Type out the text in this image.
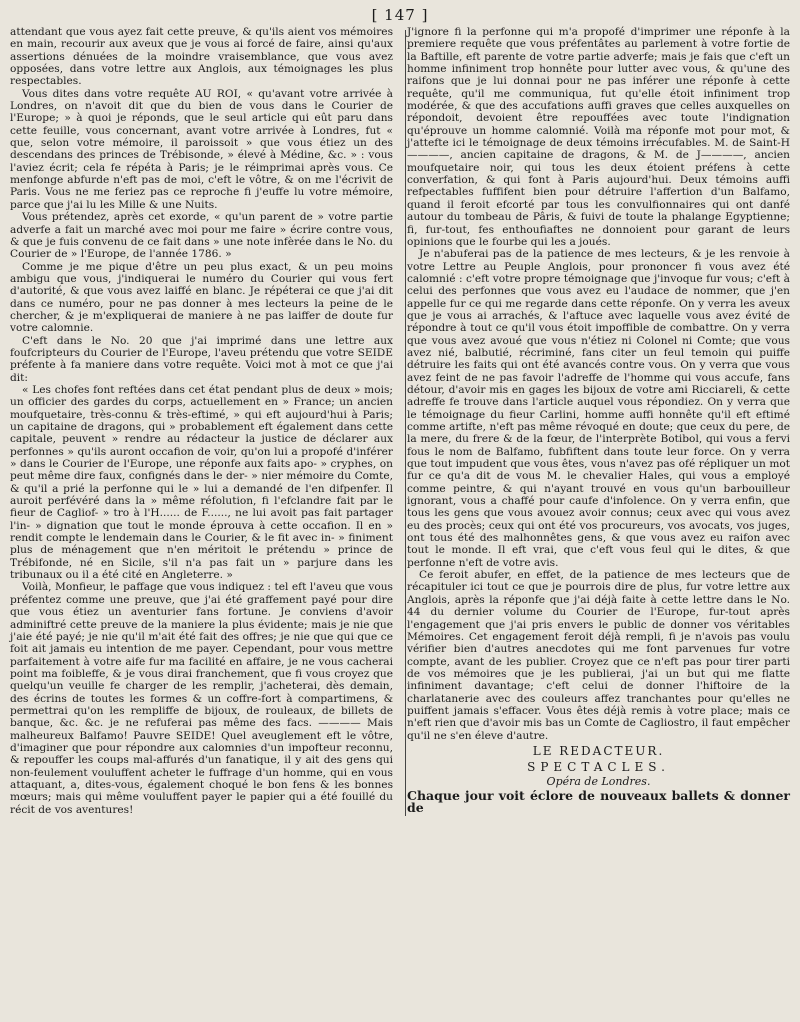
[ 147 ]

attendant que vous ayez fait cette preuve, & qu'ils aient vos mémoires en main, recourir aux aveux que je vous ai forcé de faire, ainsi qu'aux assertions dénuées de la moindre vraisemblance, que vous avez opposées, dans votre lettre aux Anglois, aux témoignages les plus respectables.

Vous dites dans votre requête AU ROI, « qu'avant votre arrivée à Londres, on n'avoit dit que du bien de vous dans le Courier de l'Europe; » à quoi je réponds, que le seul article qui eût paru dans cette feuille, vous concernant, avant votre arrivée à Londres, fut « que, selon votre mémoire, il paroissoit » que vous étiez un des descendans des princes de Trébisonde, » élevé à Médine, &c. » : vous l'aviez écrit; cela fe répéta à Paris; je le réimprimai après vous. Ce menfonge abfurde n'eft pas de moi, c'eft le vôtre, & on me l'écrivit de Paris. Vous ne me feriez pas ce reproche fi j'euffe lu votre mémoire, parce que j'ai lu les Mille & une Nuits.

Vous prétendez, après cet exorde, « qu'un parent de » votre partie adverfe a fait un marché avec moi pour me faire » écrire contre vous, & que je fuis convenu de ce fait dans » une note infèrée dans le No. du Courier de » l'Europe, de l'année 1786. »

Comme je me pique d'être un peu plus exact, & un peu moins ambigu que vous, j'indiquerai le numéro du Courier qui vous fert d'autorité, & que vous avez laiffé en blanc. Je répéterai ce que j'ai dit dans ce numéro, pour ne pas donner à mes lecteurs la peine de le chercher, & je m'expliquerai de maniere à ne pas laiffer de doute fur votre calomnie.

C'eft dans le No. 20 que j'ai imprimé dans une lettre aux foufcripteurs du Courier de l'Europe, l'aveu prétendu que votre SEIDE préfente à fa maniere dans votre requête. Voici mot à mot ce que j'ai dit:

« Les chofes font reftées dans cet état pendant plus de deux » mois; un officier des gardes du corps, actuellement en » France; un ancien moufquetaire, très-connu & très-eftimé, » qui eft aujourd'hui à Paris; un capitaine de dragons, qui » probablement eft également dans cette capitale, peuvent » rendre au rédacteur la justice de déclarer aux perfonnes » qu'ils auront occafion de voir, qu'on lui a propofé d'inférer » dans le Courier de l'Europe, une réponfe aux faits apo- » cryphes, on peut même dire faux, confignés dans le der- » nier mémoire du Comte, & qu'il a prié la perfonne qui le » lui a demandé de l'en difpenfer. Il auroit perfévéré dans la » même réfolution, fi l'efclandre fait par le fieur de Cagliof- » tro à l'H...... de F......, ne lui avoit pas fait partager l'in- » dignation que tout le monde éprouva à cette occafion. Il en » rendit compte le lendemain dans le Courier, & le fit avec in- » finiment plus de ménagement que n'en méritoit le prétendu » prince de Trébifonde, né en Sicile, s'il n'a pas fait un » parjure dans les tribunaux ou il a été cité en Angleterre. »

Voilà, Monfieur, le paffage que vous indiquez : tel eft l'aveu que vous préfentez comme une preuve, que j'ai été graffement payé pour dire que vous étiez un aventurier fans fortune. Je conviens d'avoir adminiftré cette preuve de la maniere la plus évidente; mais je nie que j'aie été payé; je nie qu'il m'ait été fait des offres; je nie que qui que ce foit ait jamais eu intention de me payer. Cependant, pour vous mettre parfaitement à votre aife fur ma facilité en affaire, je ne vous cacherai point ma foibleffe, & je vous dirai franchement, que fi vous croyez que quelqu'un veuille fe charger de les remplir, j'acheterai, dès demain, des écrins de toutes les formes & un coffre-fort à compartimens, & permettrai qu'on les rempliffe de bijoux, de rouleaux, de billets de banque, &c. &c. je ne refuferai pas même des facs. ———— Mais malheureux Balfamo! Pauvre SEIDE! Quel aveuglement eft le vôtre, d'imaginer que pour répondre aux calomnies d'un impofteur reconnu, & repouffer les coups mal-affurés d'un fanatique, il y ait des gens qui non-feulement vouluffent acheter le fuffrage d'un homme, qui en vous attaquant, a, dites-vous, également choqué le bon fens & les bonnes mœurs; mais qui même vouluffent payer le papier qui a été fouillé du récit de vos aventures!

J'ignore fi la perfonne qui m'a propofé d'imprimer une réponfe à la premiere requête que vous préfentâtes au parlement à votre fortie de la Baftille, eft parente de votre partie adverfe; mais je fais que c'eft un homme infiniment trop honnête pour lutter avec vous, & qu'une des raifons que je lui donnai pour ne pas inférer une réponfe à cette requête, qu'il me communiqua, fut qu'elle étoit infiniment trop modérée, & que des accufations auffi graves que celles auxquelles on répondoit, devoient être repouffées avec toute l'indignation qu'éprouve un homme calomnié. Voilà ma réponfe mot pour mot, & j'attefte ici le témoignage de deux témoins irrécufables. M. de Saint-H————, ancien capitaine de dragons, & M. de J————, ancien moufquetaire noir, qui tous les deux étoient préfens à cette converfation, & qui font à Paris aujourd'hui. Deux témoins auffi refpectables fuffifent bien pour détruire l'affertion d'un Balfamo, quand il feroit efcorté par tous les convulfionnaires qui ont danfé autour du tombeau de Pâris, & fuivi de toute la phalange Egyptienne; fi, fur-tout, fes enthoufiaftes ne donnoient pour garant de leurs opinions que le fourbe qui les a joués.

Je n'abuferai pas de la patience de mes lecteurs, & je les renvoie à votre Lettre au Peuple Anglois, pour prononcer fi vous avez été calomnié : c'eft votre propre témoignage que j'invoque fur vous; c'eft à celui des perfonnes que vous avez eu l'audace de nommer, que j'en appelle fur ce qui me regarde dans cette réponfe. On y verra les aveux que je vous ai arrachés, & l'aftuce avec laquelle vous avez évité de répondre à tout ce qu'il vous étoit impoffible de combattre. On y verra que vous avez avoué que vous n'étiez ni Colonel ni Comte; que vous avez nié, balbutié, récriminé, fans citer un feul temoin qui puiffe détruire les faits qui ont été avancés contre vous. On y verra que vous avez feint de ne pas favoir l'adreffe de l'homme qui vous accufe, fans détour, d'avoir mis en gages les bijoux de votre ami Ricciareli, & cette adreffe fe trouve dans l'article auquel vous répondiez. On y verra que le témoignage du fieur Carlini, homme auffi honnête qu'il eft eftimé comme artifte, n'eft pas même révoqué en doute; que ceux du pere, de la mere, du frere & de la fœur, de l'interprète Botibol, qui vous a fervi fous le nom de Balfamo, fubfiftent dans toute leur force. On y verra que tout impudent que vous êtes, vous n'avez pas ofé répliquer un mot fur ce qu'a dit de vous M. le chevalier Hales, qui vous a employé comme peintre, & qui n'ayant trouvé en vous qu'un barbouilleur ignorant, vous a chaffé pour caufe d'infolence. On y verra enfin, que tous les gens que vous avouez avoir connus; ceux avec qui vous avez eu des procès; ceux qui ont été vos procureurs, vos avocats, vos juges, ont tous été des malhonnêtes gens, & que vous avez eu raifon avec tout le monde. Il eft vrai, que c'eft vous feul qui le dites, & que perfonne n'eft de votre avis.

Ce feroit abufer, en effet, de la patience de mes lecteurs que de récapituler ici tout ce que je pourrois dire de plus, fur votre lettre aux Anglois, après la réponfe que j'ai déjà faite à cette lettre dans le No. 44 du dernier volume du Courier de l'Europe, fur-tout après l'engagement que j'ai pris envers le public de donner vos véritables Mémoires. Cet engagement feroit déjà rempli, fi je n'avois pas voulu vérifier bien d'autres anecdotes qui me font parvenues fur votre compte, avant de les publier. Croyez que ce n'eft pas pour tirer parti de vos mémoires que je les publierai, j'ai un but qui me flatte infiniment davantage; c'eft celui de donner l'hiftoire de la charlatanerie avec des couleurs affez tranchantes pour qu'elles ne puiffent jamais s'effacer. Vous êtes déjà remis à votre place; mais ce n'eft rien que d'avoir mis bas un Comte de Cagliostro, il faut empêcher qu'il ne s'en éleve d'autre.

LE REDACTEUR.
SPECTACLES.
Opéra de Londres.

Chaque jour voit éclore de nouveaux ballets & donner de
